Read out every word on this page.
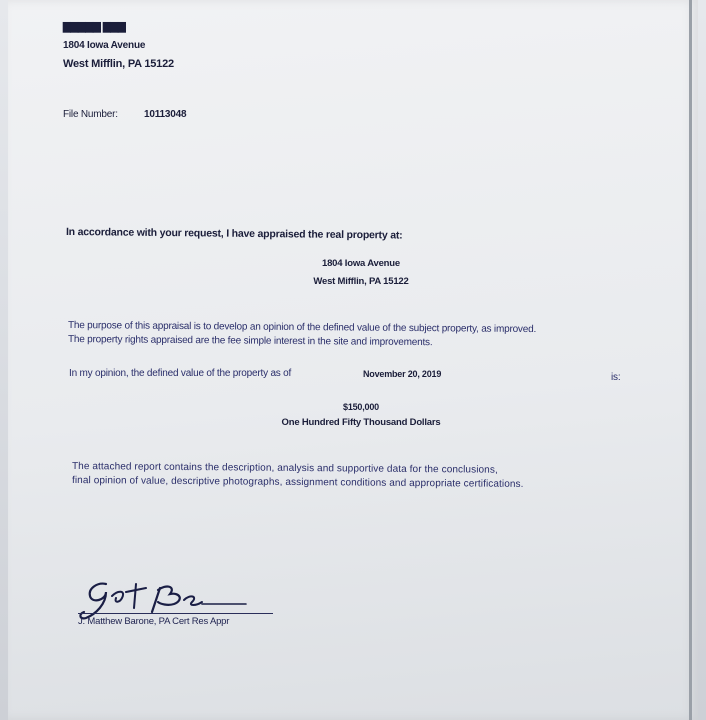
▇▇▇▇▇ ▇▇▇
1804 Iowa Avenue
West Mifflin, PA 15122
File Number:	10113048
In accordance with your request, I have appraised the real property at:
1804 Iowa Avenue
West Mifflin, PA 15122
The purpose of this appraisal is to develop an opinion of the defined value of the subject property, as improved.
The property rights appraised are the fee simple interest in the site and improvements.
In my opinion, the defined value of the property as of	November 20, 2019	is:
$150,000
One Hundred Fifty Thousand Dollars
The attached report contains the description, analysis and supportive data for the conclusions,
final opinion of value, descriptive photographs, assignment conditions and appropriate certifications.
J. Matthew Barone, PA Cert Res Appr
